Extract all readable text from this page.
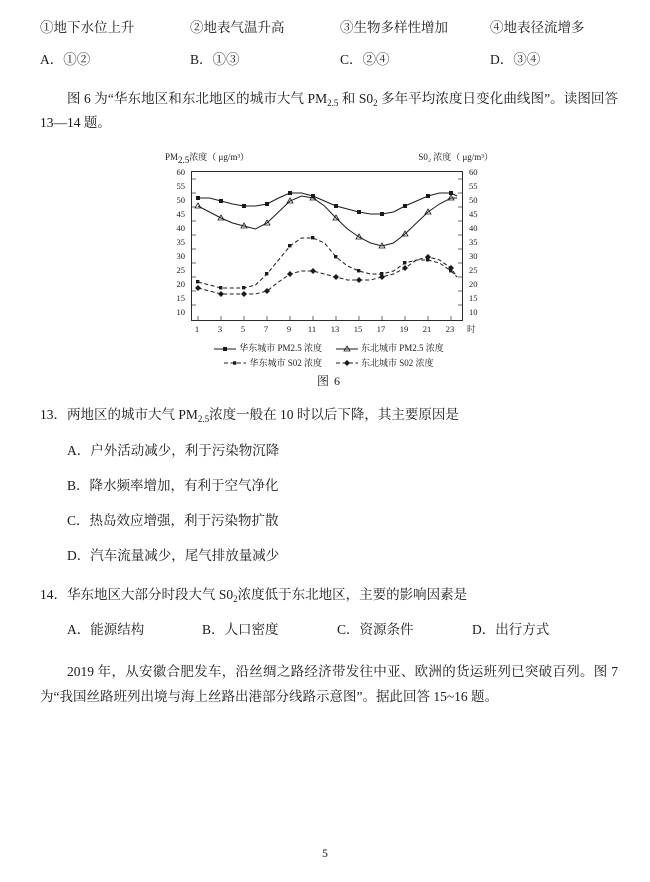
①地下水位上升	②地表气温升高	③生物多样性增加	④地表径流增多
A．①②	B．①③	C．②④	D．③④
图 6 为“华东地区和东北地区的城市大气 $PM_{2.5}$ 和 $S0_2$ 多年平均浓度日变化曲线图”。读图回答 13—14 题。
$PM_{2.5}$浓度（ μg/m³）	S0₂ 浓度（ μg/m³）
60
55
50
45
40
35
30
25
20
15
10
60
55
50
45
40
35
30
25
20
15
10
1	3	5	7	9	11	13	15	17	19	21	23	时
华东城市 PM2.5 浓度	东北城市 PM2.5 浓度
华东城市 S02 浓度	东北城市 S02 浓度
图 6
13．两地区的城市大气 $PM_{2.5}$浓度一般在 10 时以后下降，其主要原因是
A．户外活动减少，利于污染物沉降
B．降水频率增加，有利于空气净化
C．热岛效应增强，利于污染物扩散
D．汽车流量减少，尾气排放量减少
14．华东地区大部分时段大气 $S0_2$浓度低于东北地区，主要的影响因素是
A．能源结构	B．人口密度	C．资源条件	D．出行方式
2019 年，从安徽合肥发车，沿丝绸之路经济带发往中亚、欧洲的货运班列已突破百列。图 7 为“我国丝路班列出境与海上丝路出港部分线路示意图”。据此回答 15~16 题。
5
